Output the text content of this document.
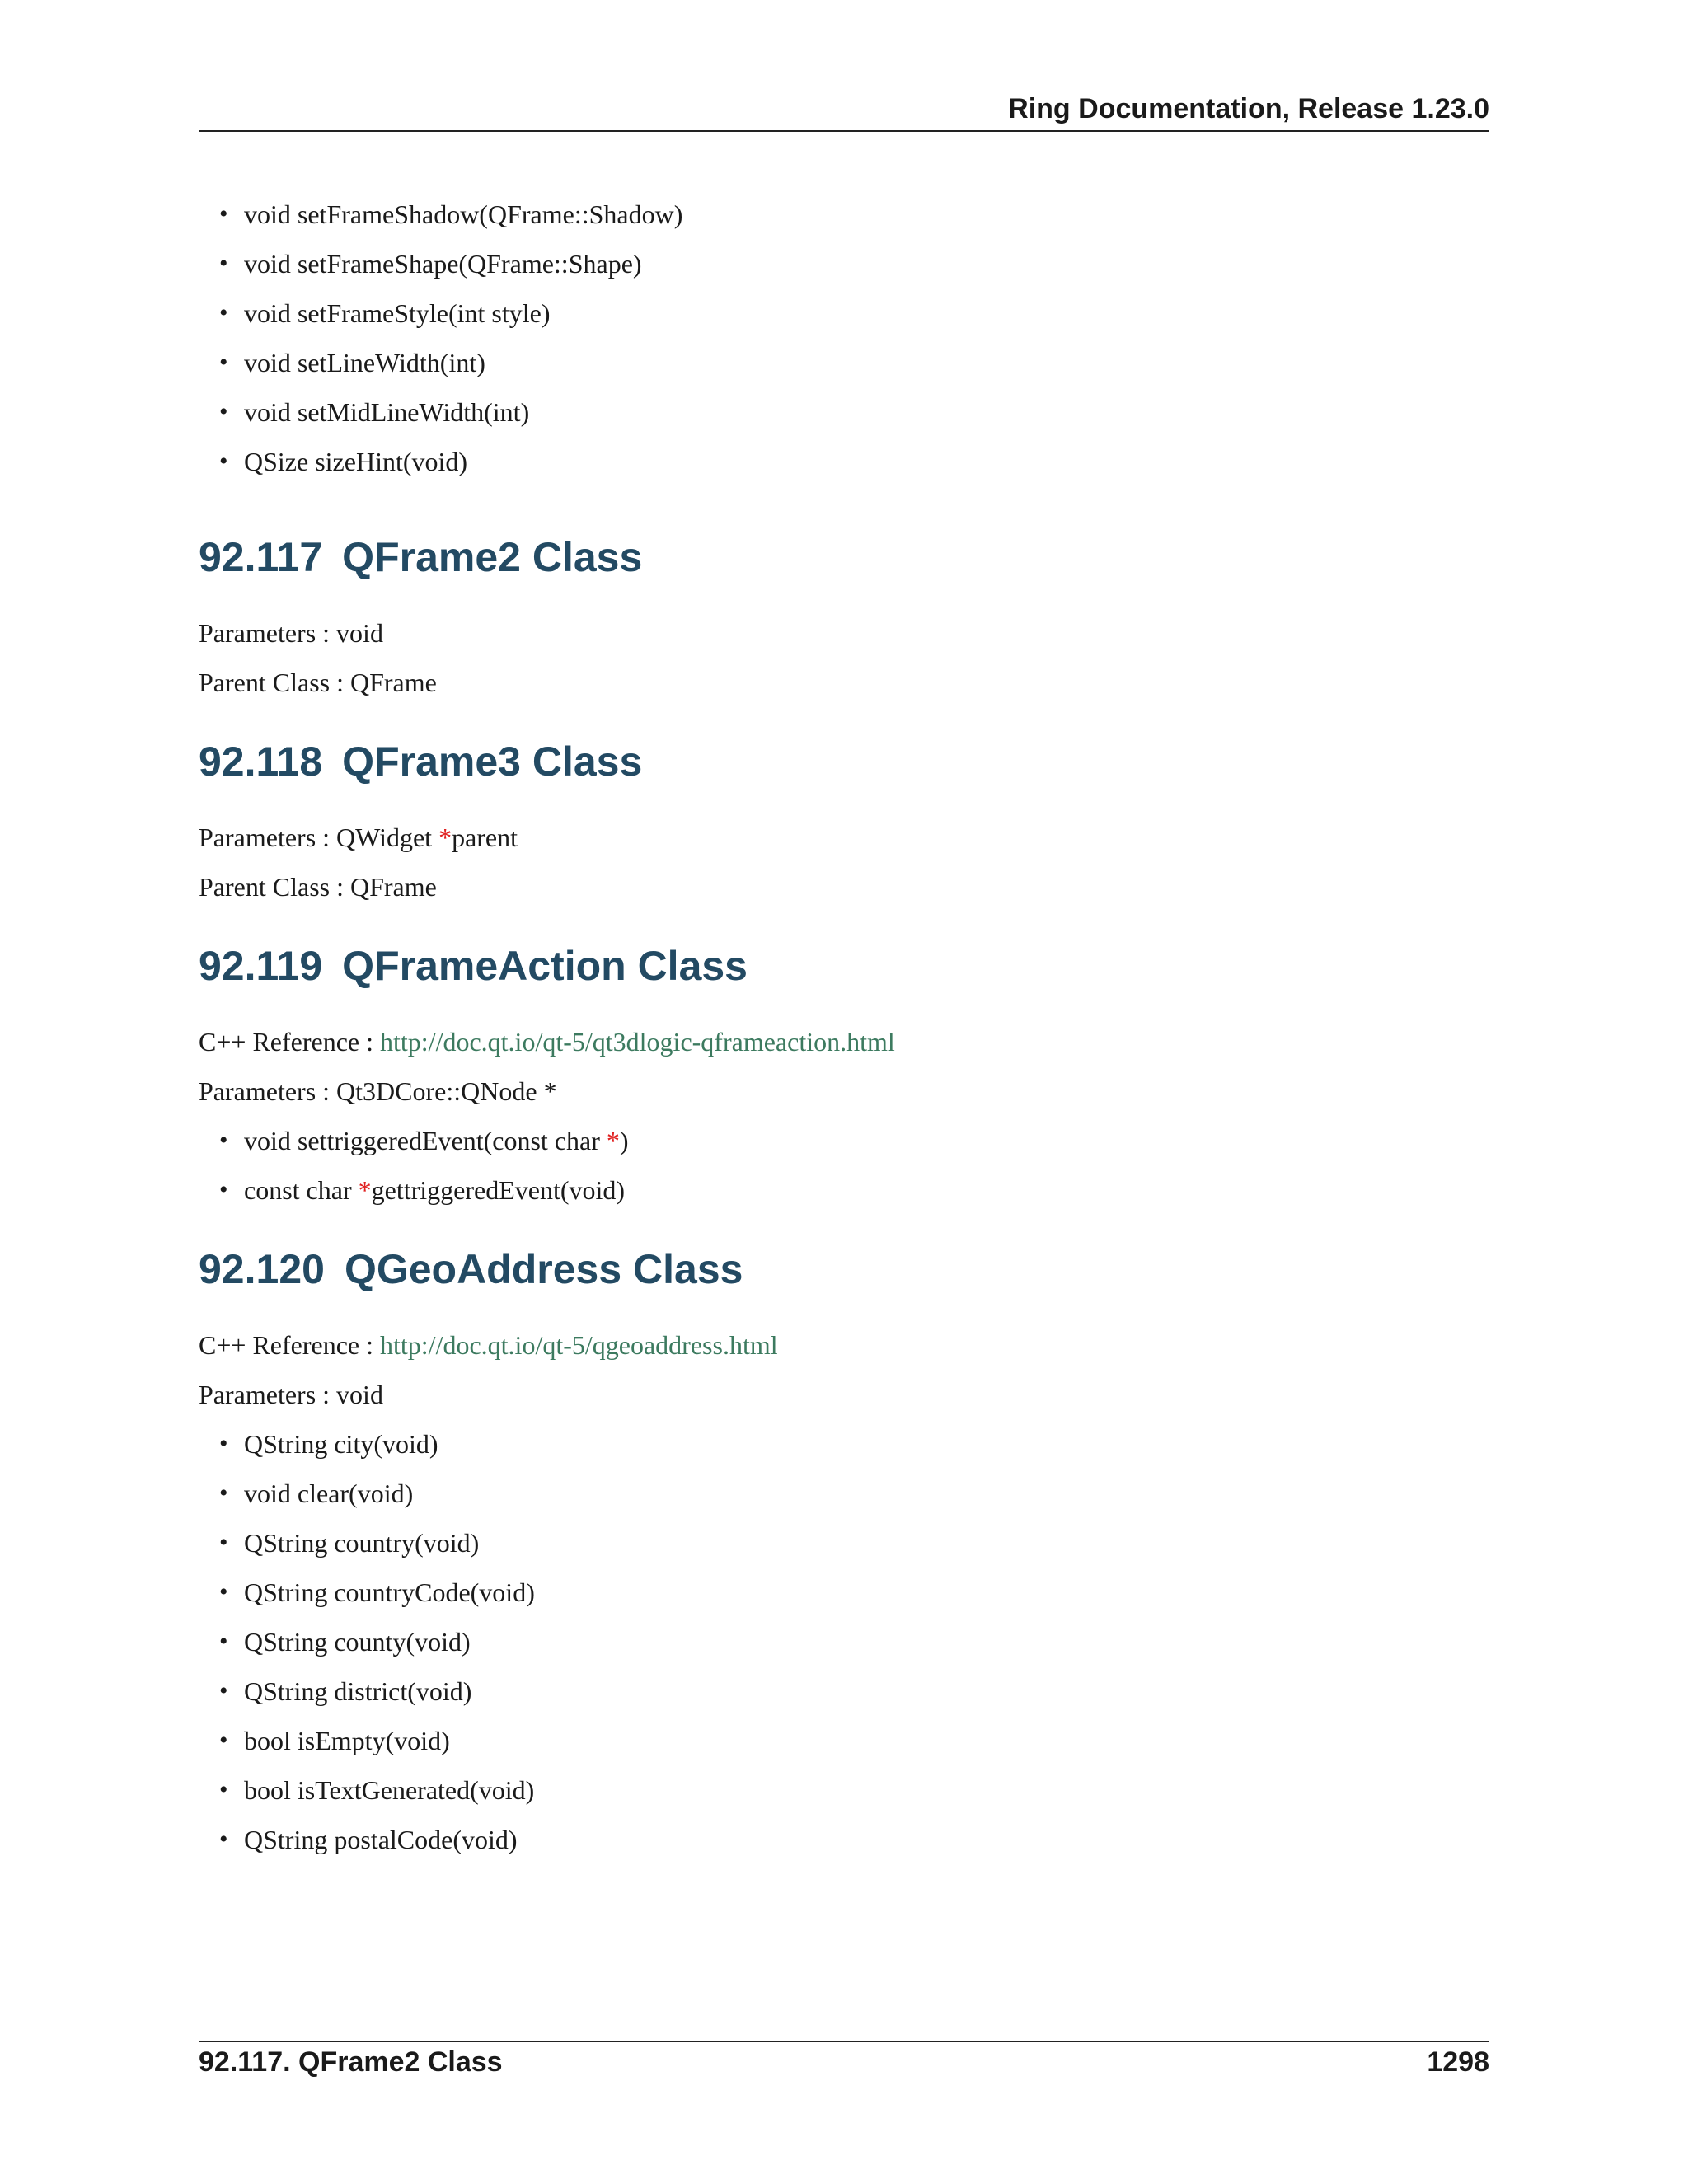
Ring Documentation, Release 1.23.0
• void setFrameShadow(QFrame::Shadow)
• void setFrameShape(QFrame::Shape)
• void setFrameStyle(int style)
• void setLineWidth(int)
• void setMidLineWidth(int)
• QSize sizeHint(void)
92.117 QFrame2 Class

Parameters : void

Parent Class : QFrame

92.118 QFrame3 Class

Parameters : QWidget *parent

Parent Class : QFrame

92.119 QFrameAction Class

C++ Reference : http://doc.qt.io/qt-5/qt3dlogic-qframeaction.html

Parameters : Qt3DCore::QNode *

• void settriggeredEvent(const char *)
• const char *gettriggeredEvent(void)
92.120 QGeoAddress Class

C++ Reference : http://doc.qt.io/qt-5/qgeoaddress.html

Parameters : void

• QString city(void)
• void clear(void)
• QString country(void)
• QString countryCode(void)
• QString county(void)
• QString district(void)
• bool isEmpty(void)
• bool isTextGenerated(void)
• QString postalCode(void)
92.117. QFrame2 Class	1298
